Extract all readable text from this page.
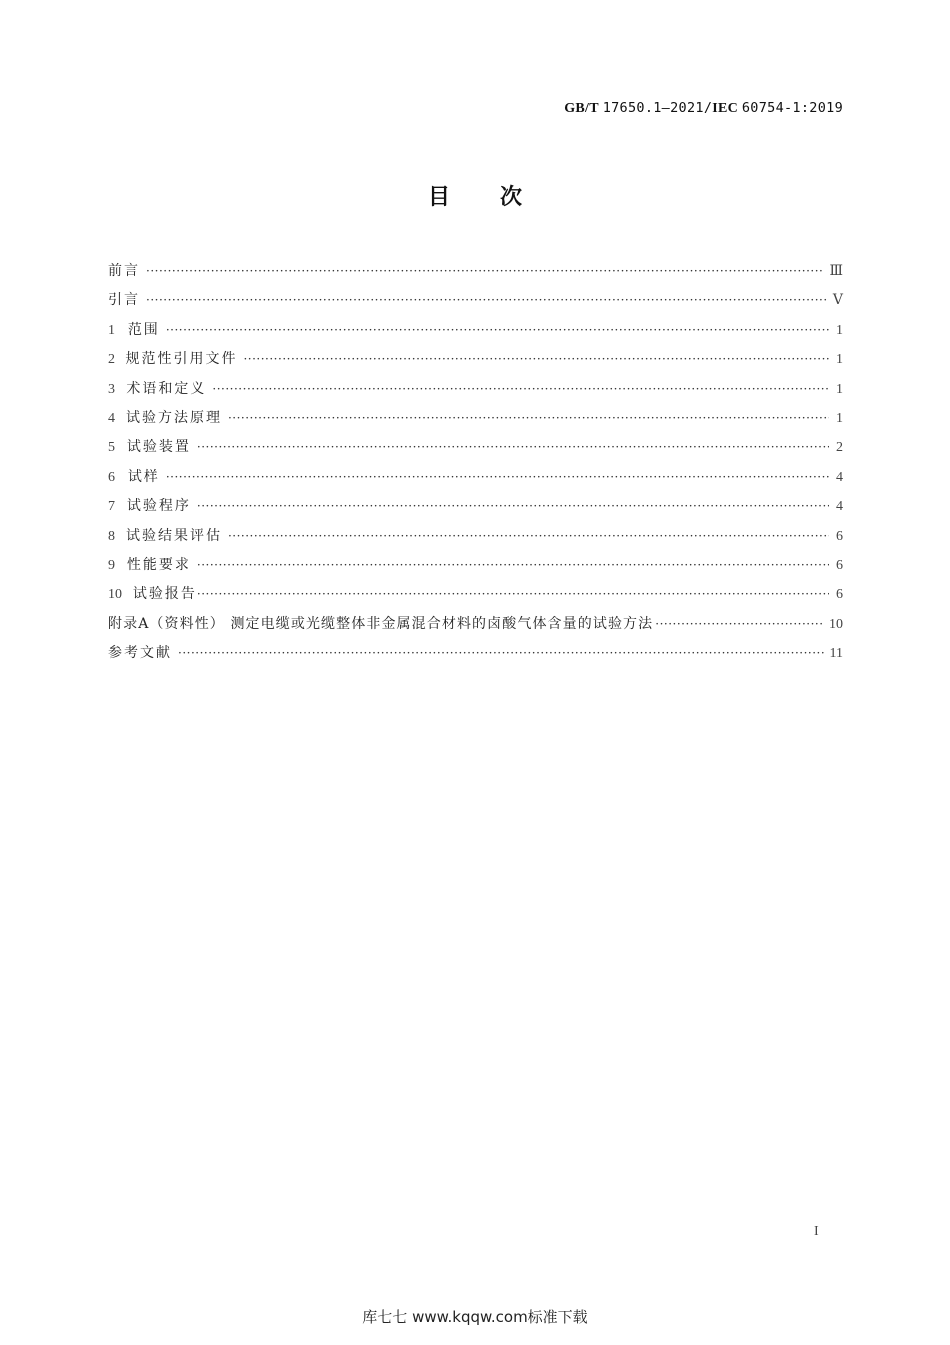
GB/T 17650.1—2021/IEC 60754-1:2019
目次
前言 ·····	Ⅲ
引言 ·····	Ⅴ
1 范围 ·····	1
2 规范性引用文件 ·····	1
3 术语和定义 ·····	1
4 试验方法原理 ·····	1
5 试验装置 ·····	2
6 试样 ·····	4
7 试验程序 ·····	4
8 试验结果评估 ·····	6
9 性能要求 ·····	6
10 试验报告 ·····	6
附录A（资料性） 测定电缆或光缆整体非金属混合材料的卤酸气体含量的试验方法 ·····	10
参考文献 ·····	11
I
库七七 www.kqqw.com标准下载
